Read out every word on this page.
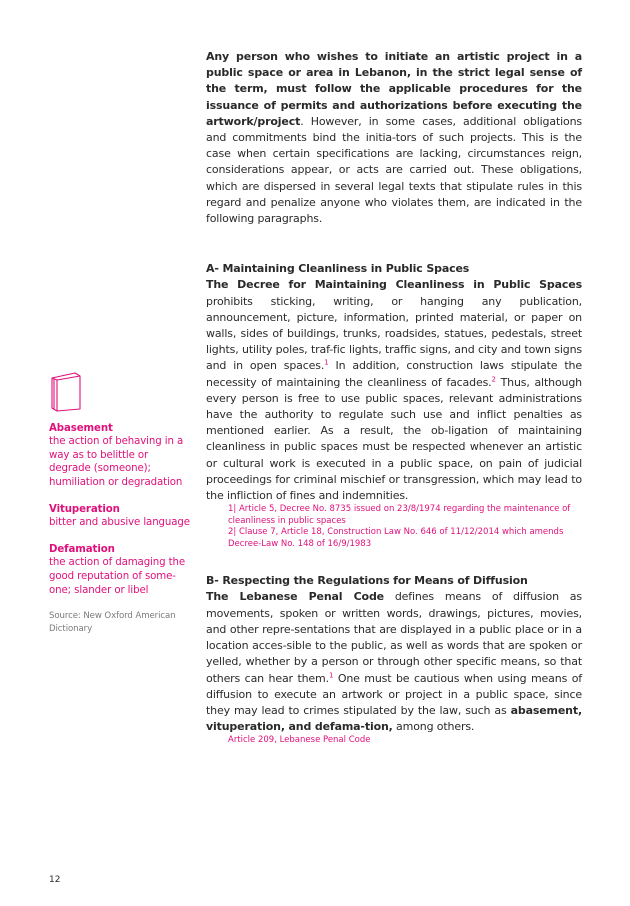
Any person who wishes to initiate an artistic project in a public space or area in Lebanon, in the strict legal sense of the term, must follow the applicable procedures for the issuance of permits and authorizations before executing the artwork/project. However, in some cases, additional obligations and commitments bind the initia-tors of such projects. This is the case when certain specifications are lacking, circumstances reign, considerations appear, or acts are carried out. These obligations, which are dispersed in several legal texts that stipulate rules in this regard and penalize anyone who violates them, are indicated in the following paragraphs.

A- Maintaining Cleanliness in Public Spaces

The Decree for Maintaining Cleanliness in Public Spaces prohibits sticking, writing, or hanging any publication, announcement, picture, information, printed material, or paper on walls, sides of buildings, trunks, roadsides, statues, pedestals, street lights, utility poles, traf-fic lights, traffic signs, and city and town signs and in open spaces.$^1$ In addition, construction laws stipulate the necessity of maintaining the cleanliness of facades.$^2$ Thus, although every person is free to use public spaces, relevant administrations have the authority to regulate such use and inflict penalties as mentioned earlier. As a result, the ob-ligation of maintaining cleanliness in public spaces must be respected whenever an artistic or cultural work is executed in a public space, on pain of judicial proceedings for criminal mischief or transgression, which may lead to the infliction of fines and indemnities.

1| Article 5, Decree No. 8735 issued on 23/8/1974 regarding the maintenance of cleanliness in public spaces
2| Clause 7, Article 18, Construction Law No. 646 of 11/12/2014 which amends Decree-Law No. 148 of 16/9/1983

B- Respecting the Regulations for Means of Diffusion

The Lebanese Penal Code defines means of diffusion as movements, spoken or written words, drawings, pictures, movies, and other repre-sentations that are displayed in a public place or in a location acces-sible to the public, as well as words that are spoken or yelled, whether by a person or through other specific means, so that others can hear them.$^1$ One must be cautious when using means of diffusion to execute an artwork or project in a public space, since they may lead to crimes stipulated by the law, such as abasement, vituperation, and defama-tion, among others.

Article 209, Lebanese Penal Code

Abasement

the action of behaving in a way as to belittle or degrade (someone); humiliation or degradation

Vituperation

bitter and abusive language

Defamation

the action of damaging the good reputation of some-one; slander or libel

Source: New Oxford American Dictionary

12
